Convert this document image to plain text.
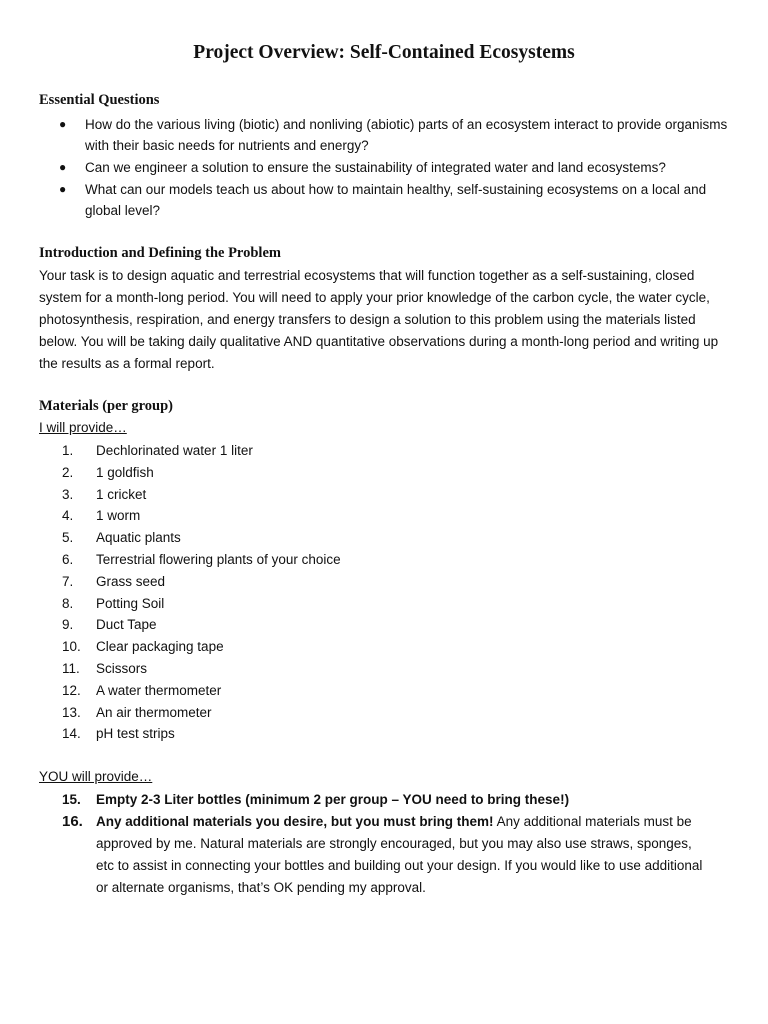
Project Overview: Self-Contained Ecosystems
Essential Questions
● How do the various living (biotic) and nonliving (abiotic) parts of an ecosystem interact to provide organisms with their basic needs for nutrients and energy?
● Can we engineer a solution to ensure the sustainability of integrated water and land ecosystems?
● What can our models teach us about how to maintain healthy, self-sustaining ecosystems on a local and global level?
Introduction and Defining the Problem

Your task is to design aquatic and terrestrial ecosystems that will function together as a self-sustaining, closed system for a month-long period. You will need to apply your prior knowledge of the carbon cycle, the water cycle, photosynthesis, respiration, and energy transfers to design a solution to this problem using the materials listed below. You will be taking daily qualitative AND quantitative observations during a month-long period and writing up the results as a formal report.

Materials (per group)
I will provide…
1. Dechlorinated water 1 liter
2. 1 goldfish
3. 1 cricket
4. 1 worm
5. Aquatic plants
6. Terrestrial flowering plants of your choice
7. Grass seed
8. Potting Soil
9. Duct Tape
10. Clear packaging tape
11. Scissors
12. A water thermometer
13. An air thermometer
14. pH test strips
YOU will provide…
15. Empty 2-3 Liter bottles (minimum 2 per group – YOU need to bring these!)
16. Any additional materials you desire, but you must bring them! Any additional materials must be approved by me. Natural materials are strongly encouraged, but you may also use straws, sponges, etc to assist in connecting your bottles and building out your design. If you would like to use additional or alternate organisms, that’s OK pending my approval.
